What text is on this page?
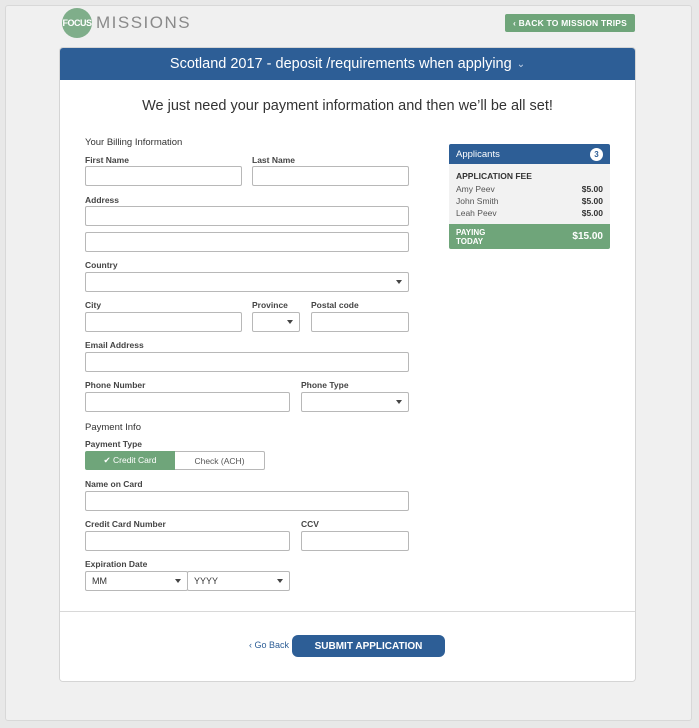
FOCUS MISSIONS	‹ BACK TO MISSION TRIPS
Scotland 2017 - deposit /requirements when applying ⌄
We just need your payment information and then we’ll be all set!
Your Billing Information
First Name	Last Name
Address
Country
City	Province	Postal code
Email Address
Phone Number	Phone Type
Payment Info
Payment Type
✔ Credit Card	Check (ACH)
Name on Card
Credit Card Number	CCV
Expiration Date
MM	YYYY
Applicants	3
APPLICATION FEE
Amy Peev	$5.00
John Smith	$5.00
Leah Peev	$5.00
PAYING TODAY	$15.00
‹ Go Back	SUBMIT APPLICATION
